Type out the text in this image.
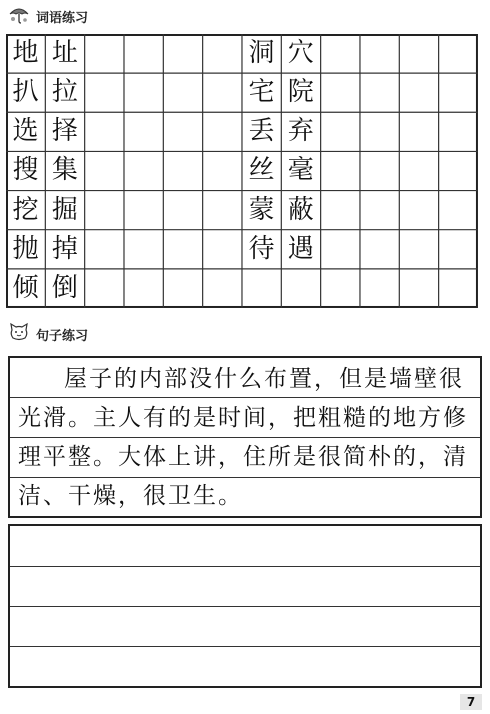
词语练习
地 址
扒 拉
选 择
搜 集
挖 掘
抛 掉
倾 倒
洞 穴
宅 院
丢 弃
丝 毫
蒙 蔽
待 遇
句子练习
屋子的内部没什么布置，但是墙壁很光滑。主人有的是时间，把粗糙的地方修理平整。大体上讲，住所是很简朴的，清洁、干燥，很卫生。
7
